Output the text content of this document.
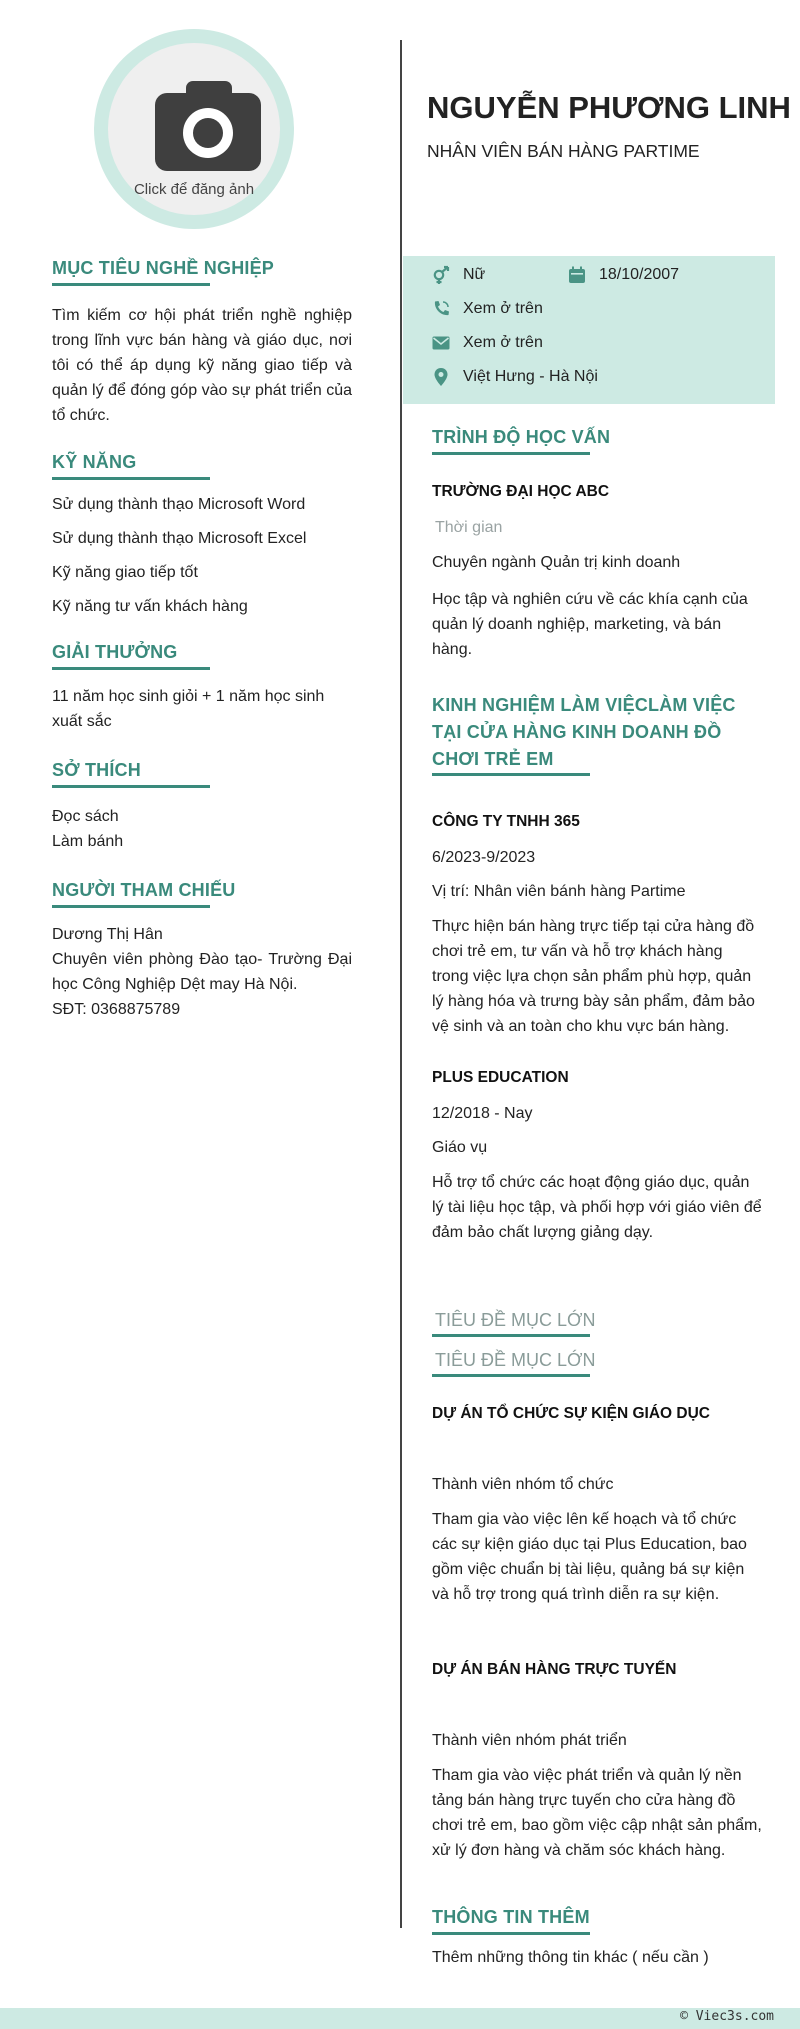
Click để đăng ảnh
MỤC TIÊU NGHỀ NGHIỆP

Tìm kiếm cơ hội phát triển nghề nghiệp trong lĩnh vực bán hàng và giáo dục, nơi tôi có thể áp dụng kỹ năng giao tiếp và quản lý để đóng góp vào sự phát triển của tổ chức.

KỸ NĂNG
Sử dụng thành thạo Microsoft Word
Sử dụng thành thạo Microsoft Excel
Kỹ năng giao tiếp tốt
Kỹ năng tư vấn khách hàng
GIẢI THƯỞNG

11 năm học sinh giỏi + 1 năm học sinh xuất sắc

SỞ THÍCH
Đọc sách
Làm bánh
NGƯỜI THAM CHIẾU
Dương Thị Hân
Chuyên viên phòng Đào tạo- Trường Đại học Công Nghiệp Dệt may Hà Nội.
SĐT: 0368875789
NGUYỄN PHƯƠNG LINH
NHÂN VIÊN BÁN HÀNG PARTIME
Nữ	18/10/2007
Xem ở trên
Xem ở trên
Việt Hưng - Hà Nội
TRÌNH ĐỘ HỌC VẤN
TRƯỜNG ĐẠI HỌC ABC
Thời gian
Chuyên ngành Quản trị kinh doanh

Học tập và nghiên cứu về các khía cạnh của quản lý doanh nghiệp, marketing, và bán hàng.

KINH NGHIỆM LÀM VIỆCLÀM VIỆC
TẠI CỬA HÀNG KINH DOANH ĐỒ
CHƠI TRẺ EM
CÔNG TY TNHH 365
6/2023-9/2023
Vị trí: Nhân viên bánh hàng Partime

Thực hiện bán hàng trực tiếp tại cửa hàng đồ chơi trẻ em, tư vấn và hỗ trợ khách hàng trong việc lựa chọn sản phẩm phù hợp, quản lý hàng hóa và trưng bày sản phẩm, đảm bảo vệ sinh và an toàn cho khu vực bán hàng.

PLUS EDUCATION
12/2018 - Nay
Giáo vụ

Hỗ trợ tổ chức các hoạt động giáo dục, quản lý tài liệu học tập, và phối hợp với giáo viên để đảm bảo chất lượng giảng dạy.

TIÊU ĐỀ MỤC LỚN
TIÊU ĐỀ MỤC LỚN
DỰ ÁN TỔ CHỨC SỰ KIỆN GIÁO DỤC
Thành viên nhóm tổ chức

Tham gia vào việc lên kế hoạch và tổ chức các sự kiện giáo dục tại Plus Education, bao gồm việc chuẩn bị tài liệu, quảng bá sự kiện và hỗ trợ trong quá trình diễn ra sự kiện.

DỰ ÁN BÁN HÀNG TRỰC TUYẾN
Thành viên nhóm phát triển

Tham gia vào việc phát triển và quản lý nền tảng bán hàng trực tuyến cho cửa hàng đồ chơi trẻ em, bao gồm việc cập nhật sản phẩm, xử lý đơn hàng và chăm sóc khách hàng.

THÔNG TIN THÊM
Thêm những thông tin khác ( nếu cần )
© Viec3s.com
